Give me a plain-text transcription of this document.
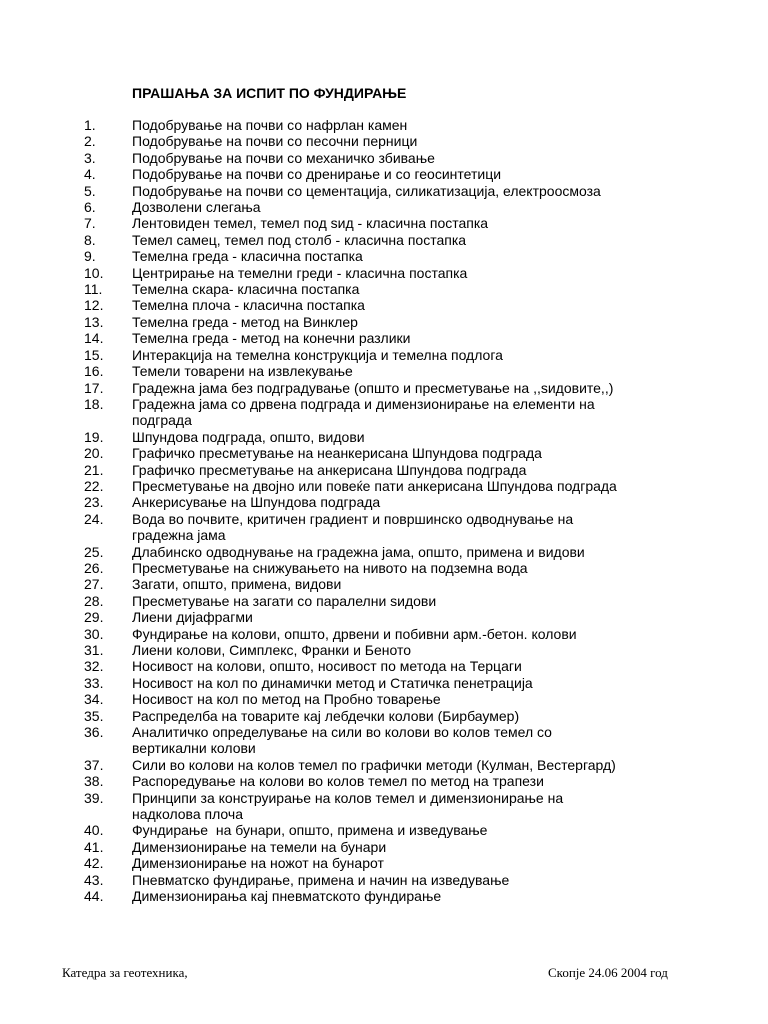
ПРАШАЊА ЗА ИСПИТ ПО ФУНДИРАЊЕ
1.	Подобрување на почви со нафрлан камен
2.	Подобрување на почви со песочни перници
3.	Подобрување на почви со механичко збивање
4.	Подобрување на почви со дренирање и со геосинтетици
5.	Подобрување на почви со цементација, силикатизација, електроосмоза
6.	Дозволени слегања
7.	Лентовиден темел, темел под ѕид - класична постапка
8.	Темел самец, темел под столб - класична постапка
9.	Темелна греда - класична постапка
10.	Центрирање на темелни греди - класична постапка
11.	Темелна скара- класична постапка
12.	Темелна плоча - класична постапка
13.	Темелна греда - метод на Винклер
14.	Темелна греда - метод на конечни разлики
15.	Интеракција на темелна конструкција и темелна подлога
16.	Темели товарени на извлекување
17.	Градежна јама без подградување (општо и пресметување на ,,ѕидовите,,)
18.	Градежна јама со дрвена подграда и димензионирање на елементи на
подграда
19.	Шпундова подграда, општо, видови
20.	Графичко пресметување на неанкерисана Шпундова подграда
21.	Графичко пресметување на анкерисана Шпундова подграда
22.	Пресметување на двојно или повеќе пати анкерисана Шпундова подграда
23.	Анкерисување на Шпундова подграда
24.	Вода во почвите, критичен градиент и површинско одводнување на
градежна јама
25.	Длабинско одводнување на градежна јама, општо, примена и видови
26.	Пресметување на снижувањето на нивото на подземна вода
27.	Загати, општо, примена, видови
28.	Пресметување на загати со паралелни ѕидови
29.	Лиени дијафрагми
30.	Фундирање на колови, општо, дрвени и побивни арм.-бетон. колови
31.	Лиени колови, Симплекс, Франки и Беното
32.	Носивост на колови, општо, носивост по метода на Терцаги
33.	Носивост на кол по динамички метод и Статичка пенетрација
34.	Носивост на кол по метод на Пробно товарење
35.	Распределба на товарите кај лебдечки колови (Бирбаумер)
36.	Аналитичко определување на сили во колови во колов темел со
вертикални колови
37.	Сили во колови на колов темел по графички методи (Кулман, Вестергард)
38.	Распоредување на колови во колов темел по метод на трапези
39.	Принципи за конструирање на колов темел и димензионирање на
надколова плоча
40.	Фундирање  на бунари, општо, примена и изведување
41.	Димензионирање на темели на бунари
42.	Димензионирање на ножот на бунарот
43.	Пневматско фундирање, примена и начин на изведување
44.	Димензионирања кај пневматското фундирање
Катедра за геотехника,	Скопје 24.06 2004 год
